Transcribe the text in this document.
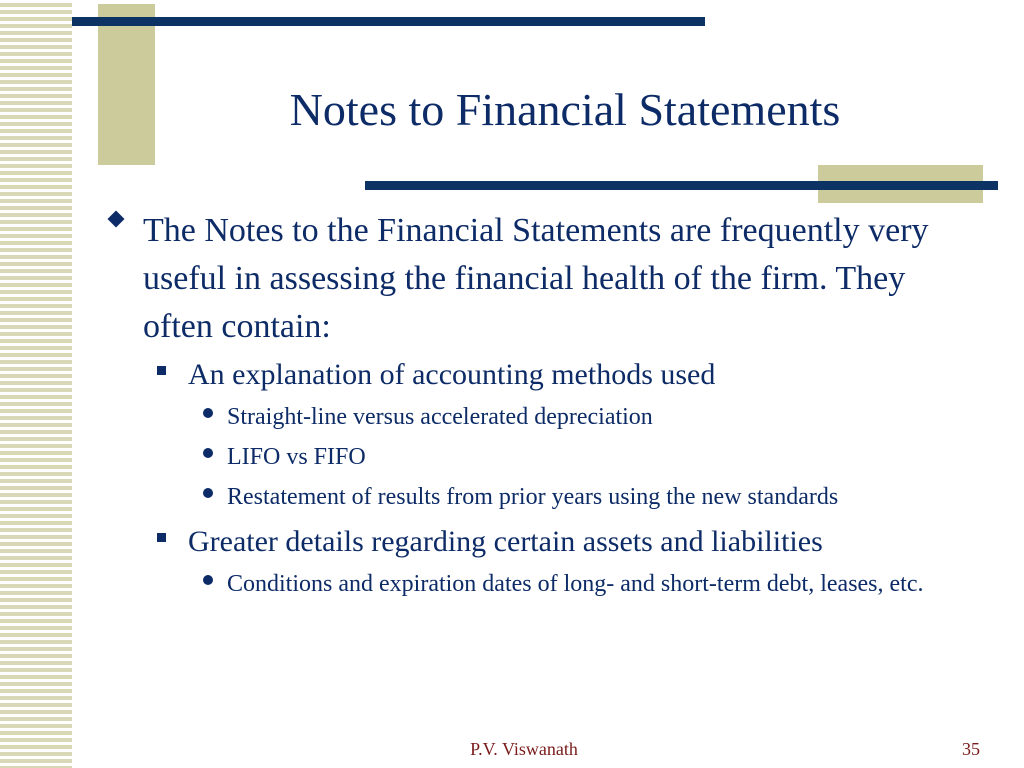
Notes to Financial Statements
The Notes to the Financial Statements are frequently very useful in assessing the financial health of the firm. They often contain:
An explanation of accounting methods used
Straight-line versus accelerated depreciation
LIFO vs FIFO
Restatement of results from prior years using the new standards
Greater details regarding certain assets and liabilities
Conditions and expiration dates of long- and short-term debt, leases, etc.
P.V. Viswanath	35
